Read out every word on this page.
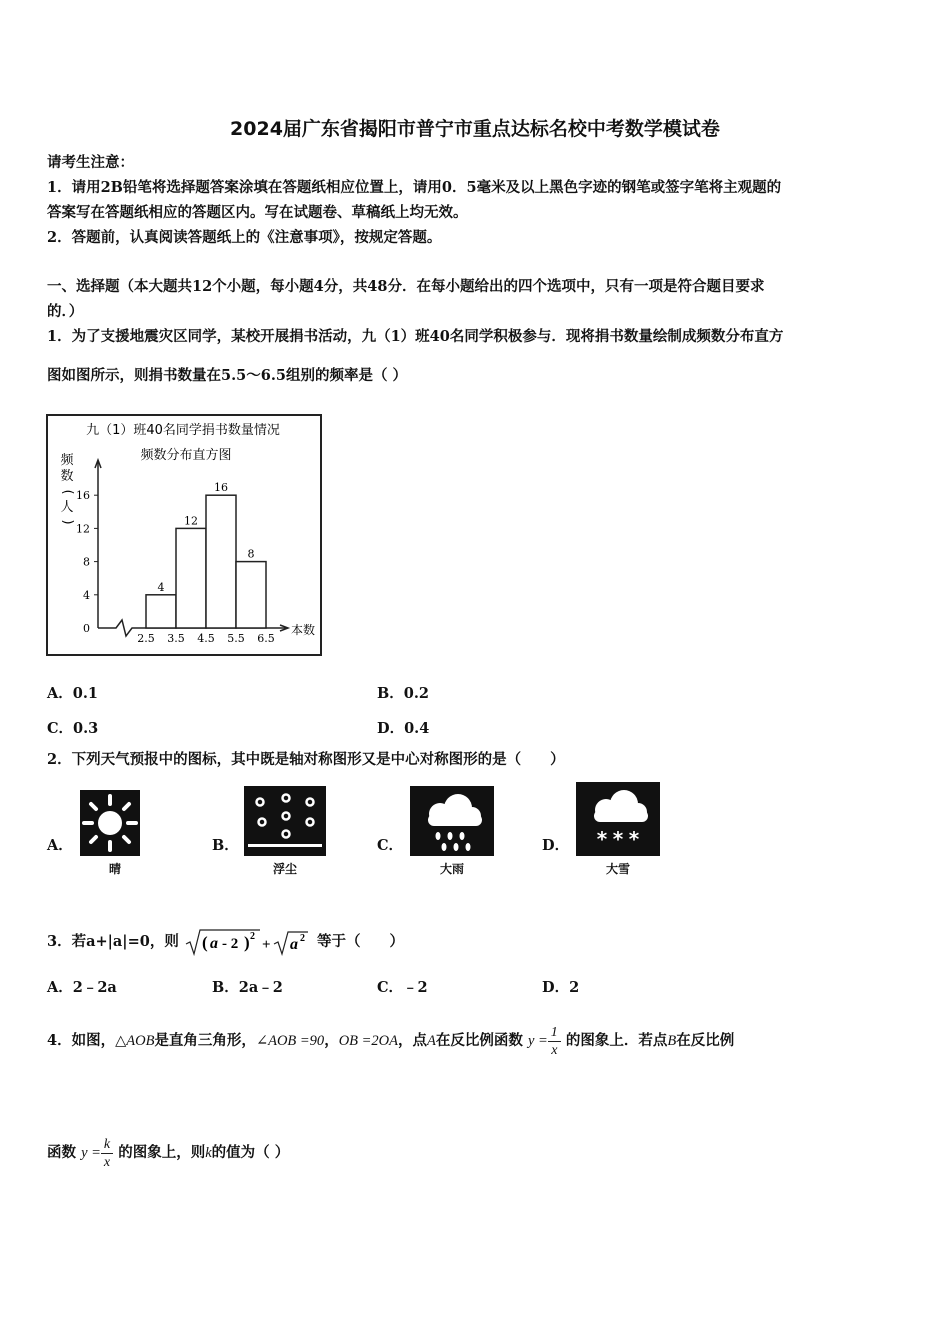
2024届广东省揭阳市普宁市重点达标名校中考数学模试卷
请考生注意：
1．请用2B铅笔将选择题答案涂填在答题纸相应位置上，请用0．5毫米及以上黑色字迹的钢笔或签字笔将主观题的
答案写在答题纸相应的答题区内。写在试题卷、草稿纸上均无效。
2．答题前，认真阅读答题纸上的《注意事项》，按规定答题。
一、选择题（本大题共12个小题，每小题4分，共48分．在每小题给出的四个选项中，只有一项是符合题目要求
的．）
1．为了支援地震灾区同学，某校开展捐书活动，九（1）班40名同学积极参与．现将捐书数量绘制成频数分布直方
图如图所示，则捐书数量在5.5～6.5组别的频率是（ ）
九（1）班40名同学捐书数量情况
频数分布直方图
频
数
(
人
)
0
4
8
12
16
4
12
16
8
2.5 3.5 4.5 5.5 6.5
本数
A．0.1	B．0.2
C．0.3	D．0.4
2．下列天气预报中的图标，其中既是轴对称图形又是中心对称图形的是（　　）
A．
晴
B．
浮尘
C．
大雨
D． * * *
大雪
3．若a+|a|=0，则 ( a - 2 ) 2
+ a 2 等于（　　）
A．2﹣2a	B．2a﹣2	C．﹣2	D．2
4．如图，△AOB是直角三角形，∠AOB =90，OB =2OA，点A在反比例函数 $y = \frac{1}{x}$ 的图象上．若点B在反比例
函数 $y = \frac{k}{x}$ 的图象上，则k的值为（ ）
